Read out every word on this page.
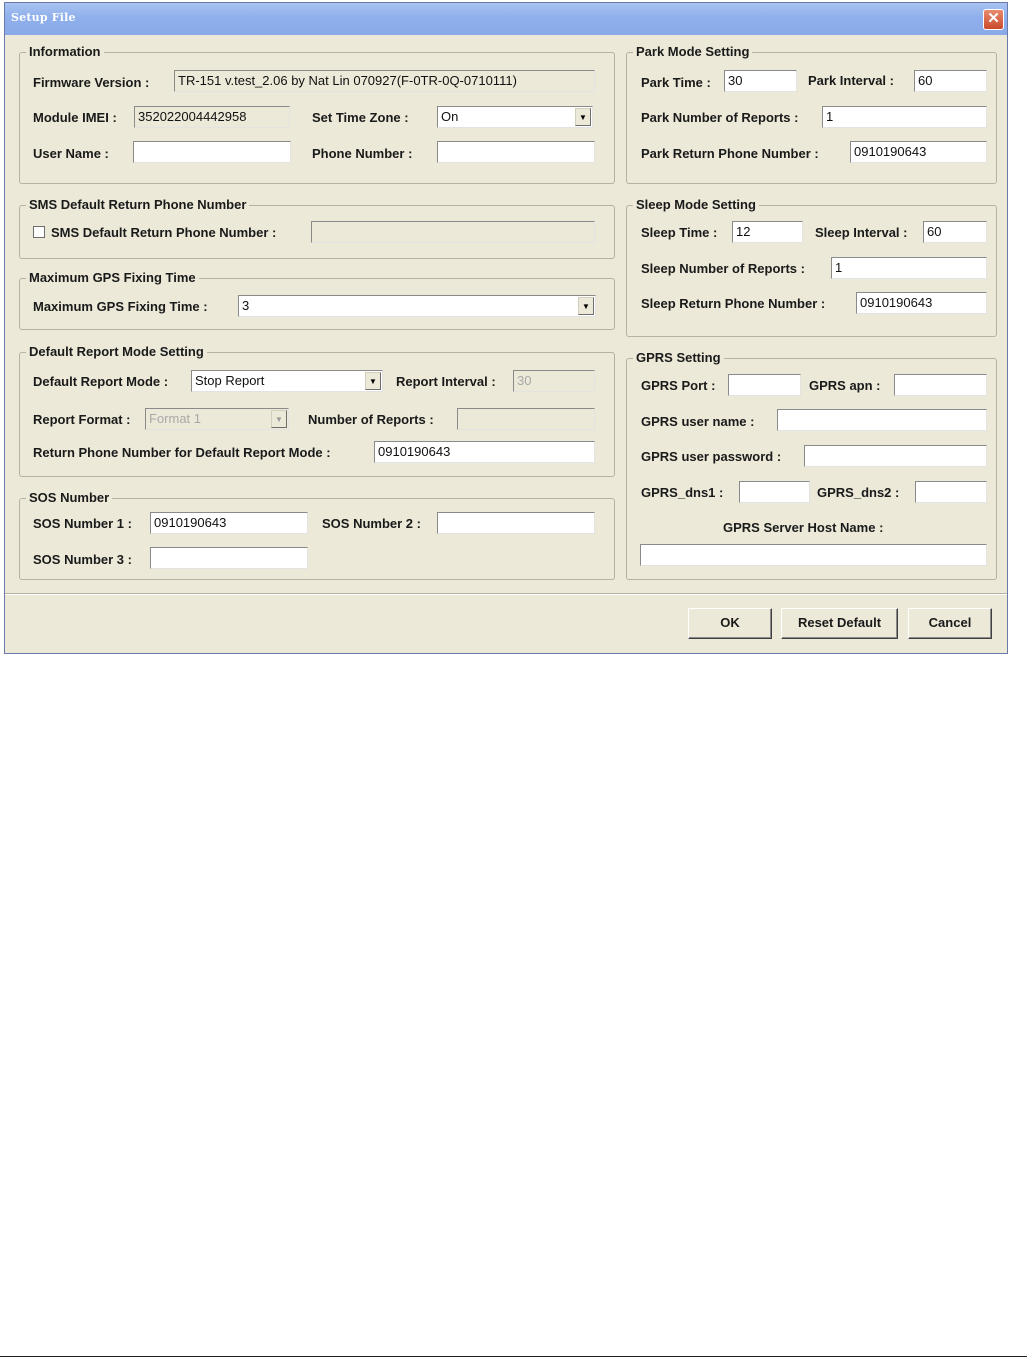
Setup File	✕
Information
Firmware Version :	TR-151 v.test_2.06 by Nat Lin 070927(F-0TR-0Q-0710111)
Module IMEI :	352022004442958	Set Time Zone : On	▼
User Name :	Phone Number :
SMS Default Return Phone Number
SMS Default Return Phone Number :
Maximum GPS Fixing Time
Maximum GPS Fixing Time :	3	▼
Default Report Mode Setting
Default Report Mode : Stop Report	▼	Report Interval :	30
Report Format : Format 1	▼	Number of Reports :
Return Phone Number for Default Report Mode :	0910190643
SOS Number
SOS Number 1 :	0910190643	SOS Number 2 :
SOS Number 3 :
Park Mode Setting
Park Time :	30	Park Interval :	60
Park Number of Reports :	1
Park Return Phone Number :	0910190643
Sleep Mode Setting
Sleep Time :	12	Sleep Interval :	60
Sleep Number of Reports :	1
Sleep Return Phone Number :	0910190643
GPRS Setting
GPRS Port :	GPRS apn :
GPRS user name :
GPRS user password :
GPRS_dns1 :	GPRS_dns2 :
GPRS Server Host Name :
OK	Reset Default	Cancel
